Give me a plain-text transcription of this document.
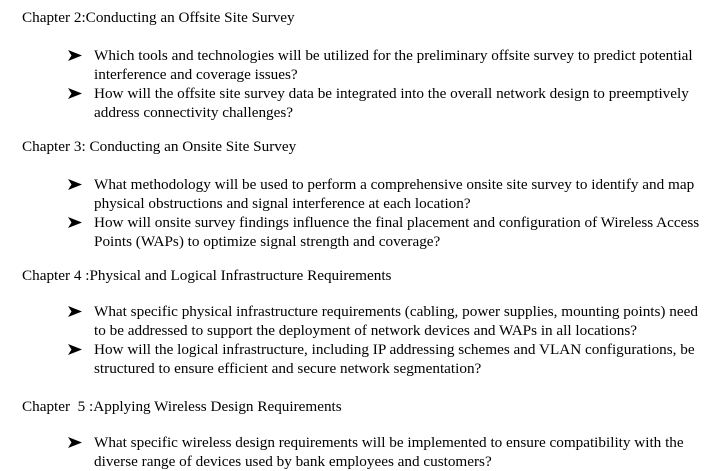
Chapter 2:Conducting an Offsite Site Survey
Which tools and technologies will be utilized for the preliminary offsite survey to predict potential interference and coverage issues?
How will the offsite site survey data be integrated into the overall network design to preemptively address connectivity challenges?
Chapter 3: Conducting an Onsite Site Survey
What methodology will be used to perform a comprehensive onsite site survey to identify and map physical obstructions and signal interference at each location?
How will onsite survey findings influence the final placement and configuration of Wireless Access Points (WAPs) to optimize signal strength and coverage?
Chapter 4 :Physical and Logical Infrastructure Requirements
What specific physical infrastructure requirements (cabling, power supplies, mounting points) need to be addressed to support the deployment of network devices and WAPs in all locations?
How will the logical infrastructure, including IP addressing schemes and VLAN configurations, be structured to ensure efficient and secure network segmentation?
Chapter  5 :Applying Wireless Design Requirements
What specific wireless design requirements will be implemented to ensure compatibility with the diverse range of devices used by bank employees and customers?
